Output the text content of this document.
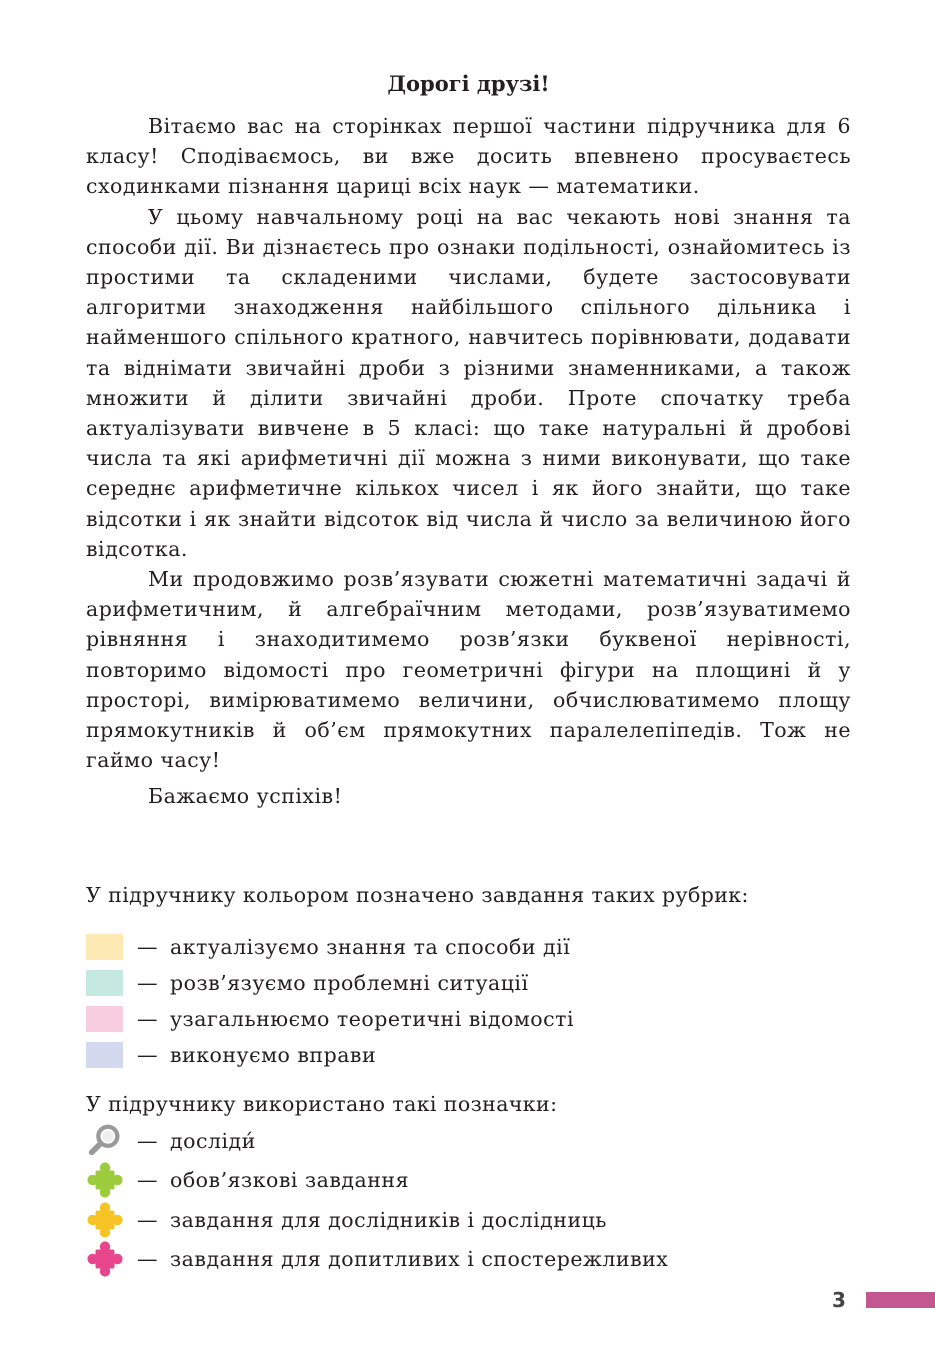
Дорогі друзі!

Вітаємо вас на сторінках першої частини підручника для 6 класу! Сподіваємось, ви вже досить впевнено просуваєтесь сходинками пізнання цариці всіх наук — математики.

У цьому навчальному році на вас чекають нові знання та способи дії. Ви дізнаєтесь про ознаки подільності, ознайомитесь із простими та складеними числами, будете застосовувати алгоритми знаходження найбільшого спільного дільника і найменшого спільного кратного, навчитесь порівнювати, додавати та віднімати звичайні дроби з різними знаменниками, а також множити й ділити звичайні дроби. Проте спочатку треба актуалізувати вивчене в 5 класі: що таке натуральні й дробові числа та які арифметичні дії можна з ними виконувати, що таке середнє арифметичне кількох чисел і як його знайти, що таке відсотки і як знайти відсоток від числа й число за величиною його відсотка.

Ми продовжимо розв’язувати сюжетні математичні задачі й арифметичним, й алгебраїчним методами, розв’язуватимемо рівняння і знаходитимемо розв’язки буквеної нерівності, повторимо відомості про геометричні фігури на площині й у просторі, вимірюватимемо величини, обчислюватимемо площу прямокутників й об’єм прямокутних паралелепіпедів. Тож не гаймо часу!

Бажаємо успіхів!

У підручнику кольором позначено завдання таких рубрик:

— актуалізуємо знання та способи дії
— розв’язуємо проблемні ситуації
— узагальнюємо теоретичні відомості
— виконуємо вправи

У підручнику використано такі позначки:

— досліди́
— обов’язкові завдання
— завдання для дослідників і дослідниць
— завдання для допитливих і спостережливих
3
